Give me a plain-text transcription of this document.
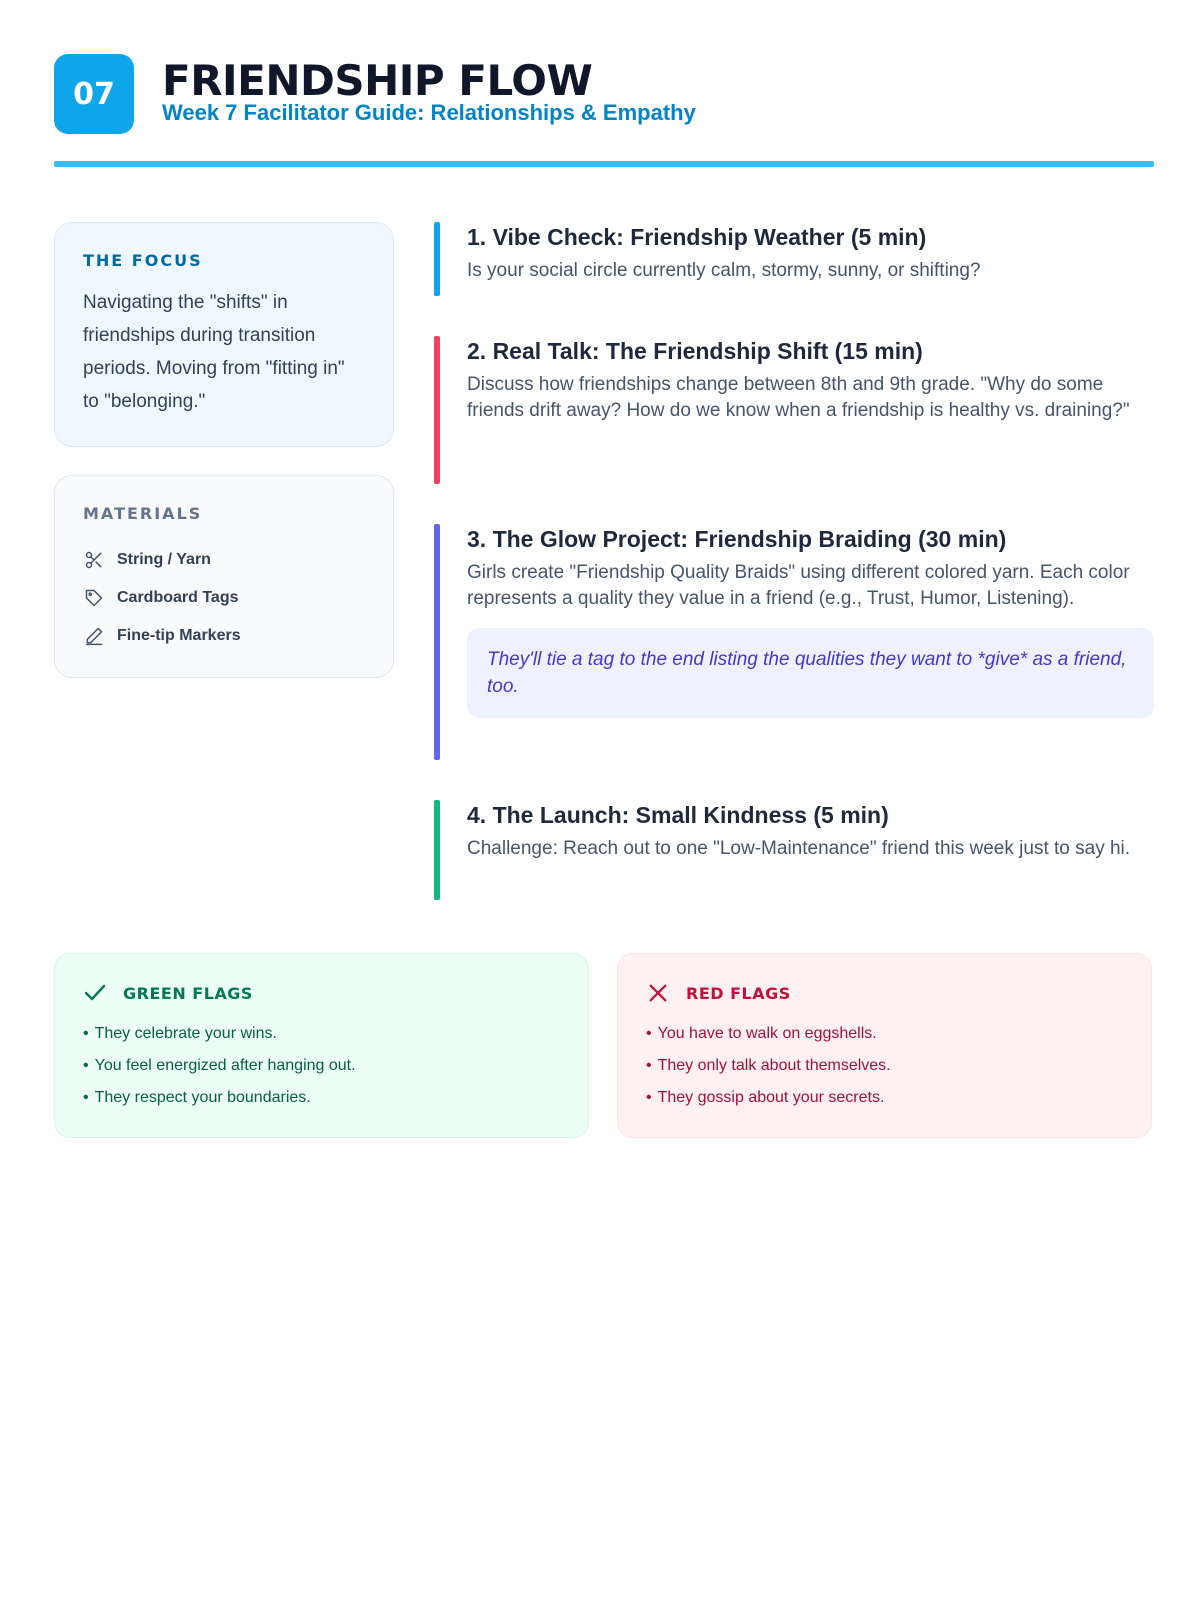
07	FRIENDSHIP FLOW
Week 7 Facilitator Guide: Relationships & Empathy
THE FOCUS
Navigating the "shifts" in friendships during transition periods. Moving from "fitting in" to "belonging."
MATERIALS
String / Yarn
Cardboard Tags
Fine-tip Markers
1. Vibe Check: Friendship Weather (5 min)
Is your social circle currently calm, stormy, sunny, or shifting?
2. Real Talk: The Friendship Shift (15 min)
Discuss how friendships change between 8th and 9th grade. "Why do some friends drift away? How do we know when a friendship is healthy vs. draining?"
3. The Glow Project: Friendship Braiding (30 min)
Girls create "Friendship Quality Braids" using different colored yarn. Each color represents a quality they value in a friend (e.g., Trust, Humor, Listening).
They'll tie a tag to the end listing the qualities they want to *give* as a friend, too.
4. The Launch: Small Kindness (5 min)
Challenge: Reach out to one "Low-Maintenance" friend this week just to say hi.
GREEN FLAGS
• They celebrate your wins.
• You feel energized after hanging out.
• They respect your boundaries.
RED FLAGS
• You have to walk on eggshells.
• They only talk about themselves.
• They gossip about your secrets.
